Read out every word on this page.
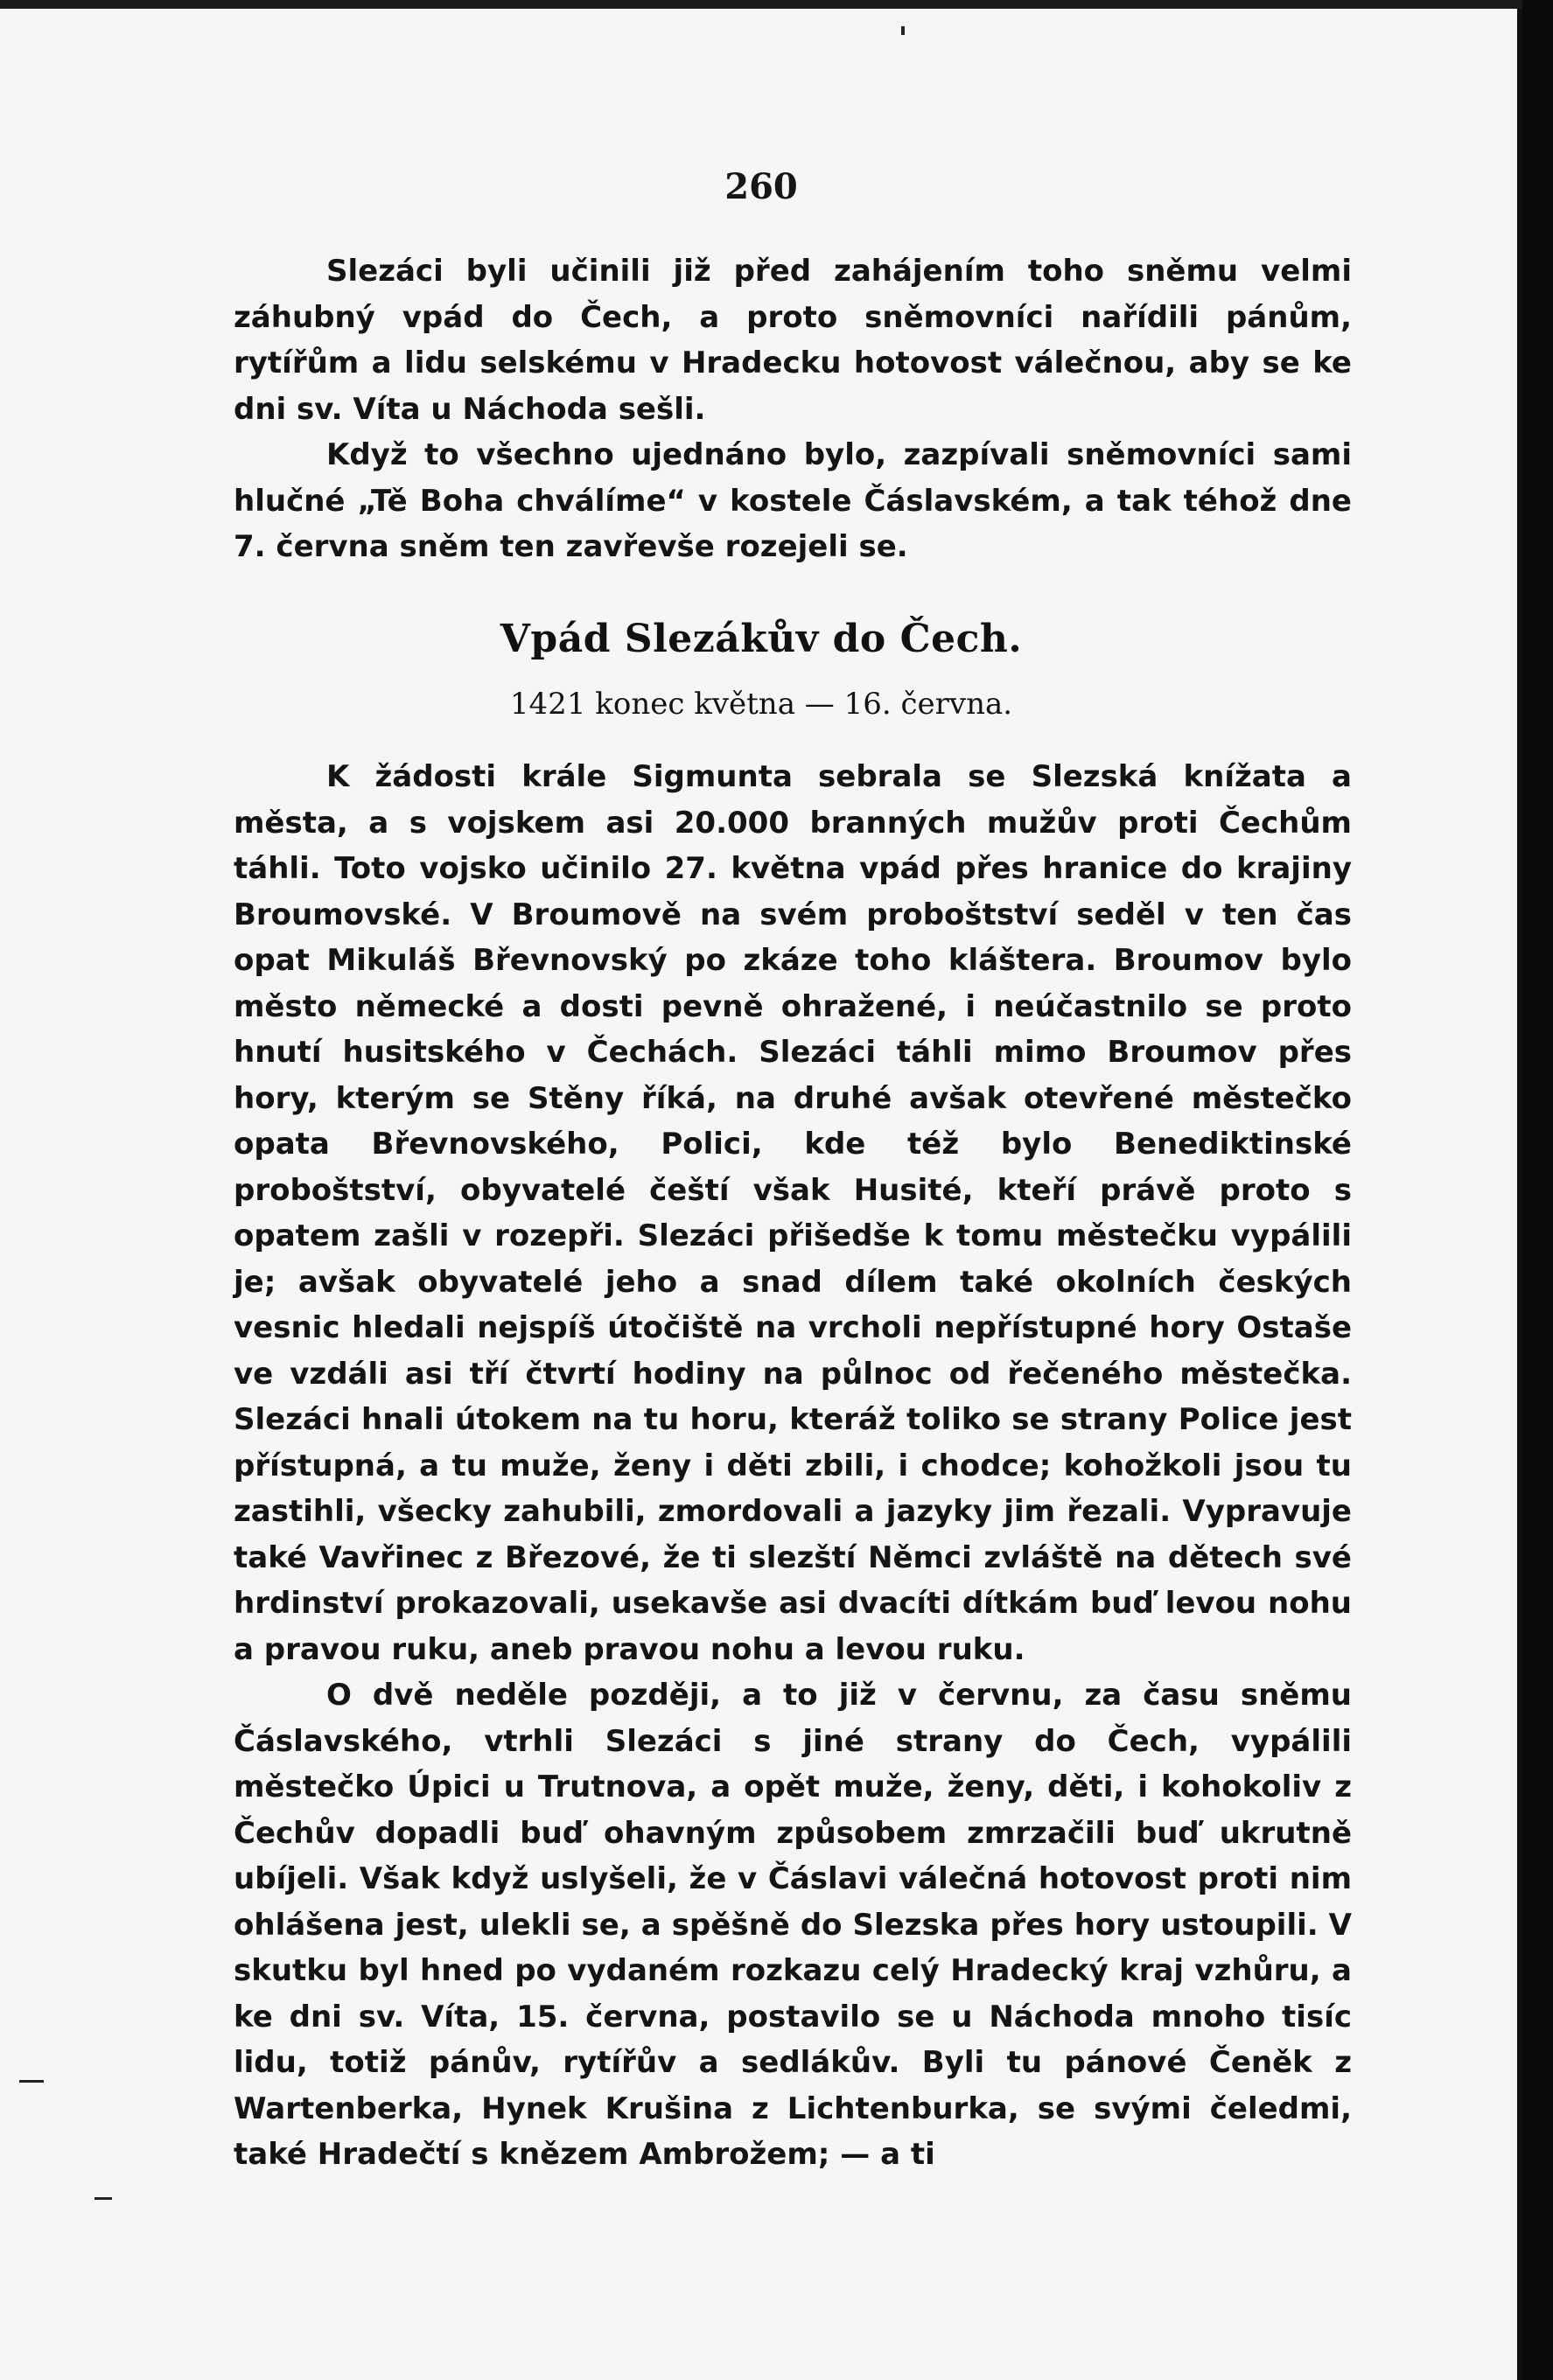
260

Slezáci byli učinili již před zahájením toho sněmu velmi záhubný vpád do Čech, a proto sněmovníci nařídili pánům, rytířům a lidu selskému v Hradecku hotovost válečnou, aby se ke dni sv. Víta u Náchoda sešli.

Když to všechno ujednáno bylo, zazpívali sněmovníci sami hlučné „Tě Boha chválíme“ v kostele Čáslavském, a tak téhož dne 7. června sněm ten zavřevše rozejeli se.

Vpád Slezákův do Čech.
1421 konec května — 16. června.

K žádosti krále Sigmunta sebrala se Slezská knížata a města, a s vojskem asi 20.000 branných mužův proti Čechům táhli. Toto vojsko učinilo 27. května vpád přes hranice do krajiny Broumovské. V Broumově na svém proboštství seděl v ten čas opat Mikuláš Břevnovský po zkáze toho kláštera. Broumov bylo město německé a dosti pevně ohražené, i neúčastnilo se proto hnutí husitského v Čechách. Slezáci táhli mimo Broumov přes hory, kterým se Stěny říká, na druhé avšak otevřené městečko opata Břevnovského, Polici, kde též bylo Benediktinské proboštství, obyvatelé čeští však Husité, kteří právě proto s opatem zašli v rozepři. Slezáci přišedše k tomu městečku vypálili je; avšak obyvatelé jeho a snad dílem také okolních českých vesnic hledali nejspíš útočiště na vrcholi nepřístupné hory Ostaše ve vzdáli asi tří čtvrtí hodiny na půlnoc od řečeného městečka. Slezáci hnali útokem na tu horu, kteráž toliko se strany Police jest přístupná, a tu muže, ženy i děti zbili, i chodce; kohožkoli jsou tu zastihli, všecky zahubili, zmordovali a jazyky jim řezali. Vypravuje také Vavřinec z Březové, že ti slezští Němci zvláště na dětech své hrdinství prokazovali, usekavše asi dvacíti dítkám buď levou nohu a pravou ruku, aneb pravou nohu a levou ruku.

O dvě neděle později, a to již v červnu, za času sněmu Čáslavského, vtrhli Slezáci s jiné strany do Čech, vypálili městečko Úpici u Trutnova, a opět muže, ženy, děti, i kohokoliv z Čechův dopadli buď ohavným způsobem zmrzačili buď ukrutně ubíjeli. Však když uslyšeli, že v Čáslavi válečná hotovost proti nim ohlášena jest, ulekli se, a spěšně do Slezska přes hory ustoupili. V skutku byl hned po vydaném rozkazu celý Hradecký kraj vzhůru, a ke dni sv. Víta, 15. června, postavilo se u Náchoda mnoho tisíc lidu, totiž pánův, rytířův a sedlákův. Byli tu pánové Čeněk z Wartenberka, Hynek Krušina z Lichtenburka, se svými čeledmi, také Hradečtí s knězem Ambrožem; — a ti
